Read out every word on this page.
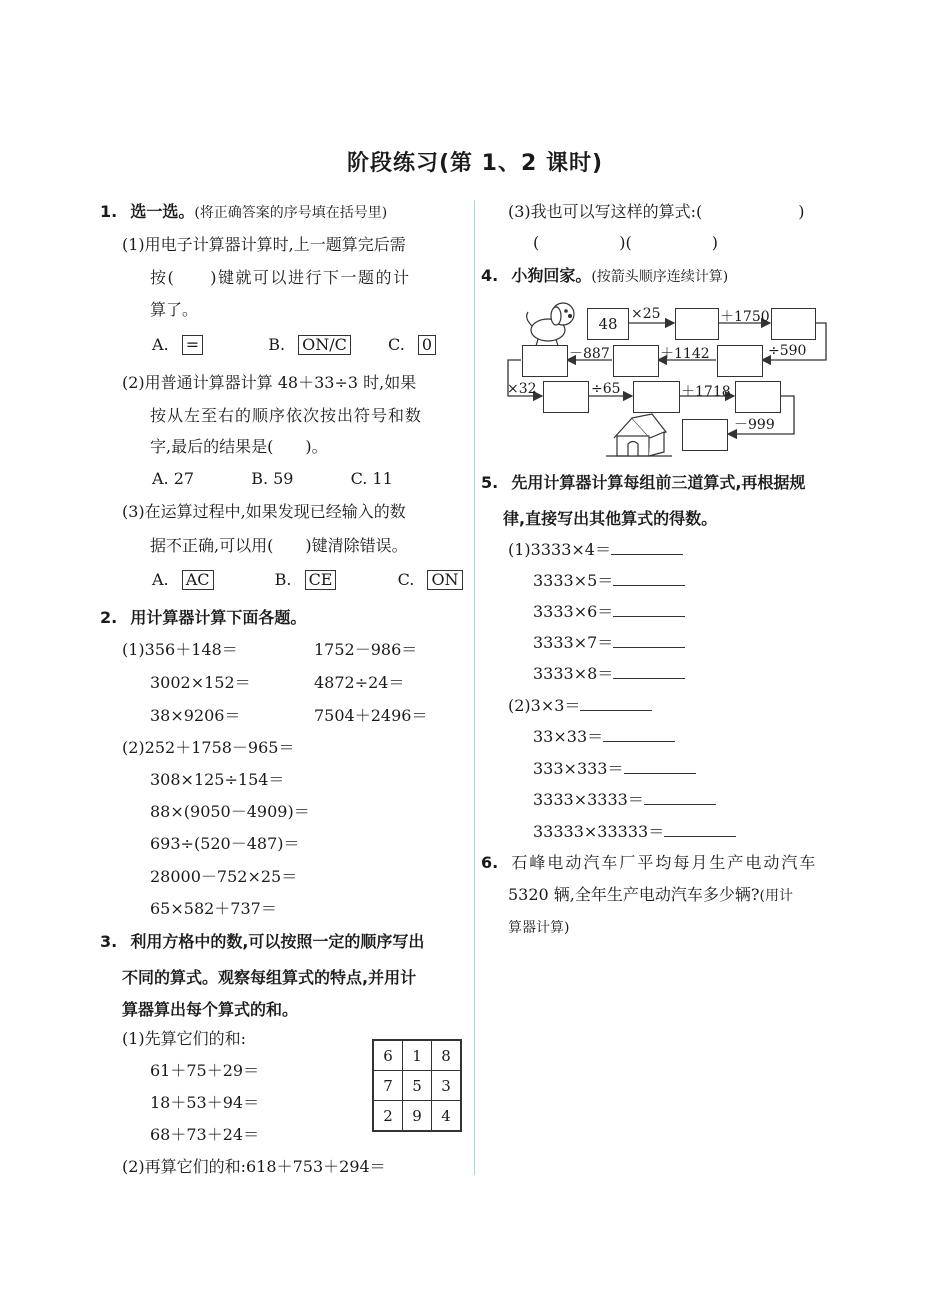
阶段练习(第 1、2 课时)
1. 选一选。(将正确答案的序号填在括号里)
(1)用电子计算器计算时,上一题算完后需
按(　　)键就可以进行下一题的计
算了。
A. =	B. ON/C	C. 0
(2)用普通计算器计算 48＋33÷3 时,如果
按从左至右的顺序依次按出符号和数
字,最后的结果是(　　)。
A. 27	B. 59	C. 11
(3)在运算过程中,如果发现已经输入的数
据不正确,可以用(　　)键清除错误。
A. AC	B. CE	C. ON
2. 用计算器计算下面各题。
(1)356＋148＝	1752－986＝
3002×152＝	4872÷24＝
38×9206＝	7504＋2496＝
(2)252＋1758－965＝
308×125÷154＝
88×(9050－4909)＝
693÷(520－487)＝
28000－752×25＝
65×582＋737＝
3. 利用方格中的数,可以按照一定的顺序写出
不同的算式。观察每组算式的特点,并用计
算器算出每个算式的和。
(1)先算它们的和:
61＋75＋29＝
18＋53＋94＝
68＋73＋24＝
6	1	8
7	5	3
2	9	4
(2)再算它们的和:618＋753＋294＝
(3)我也可以写这样的算式:(　　　　　　)
(　　　　　)(　　　　　)
4. 小狗回家。(按箭头顺序连续计算)
48
×25	＋1750
÷590
＋1142
－887
×32	÷65	＋1718
－999
5. 先用计算器计算每组前三道算式,再根据规
律,直接写出其他算式的得数。
(1)3333×4＝
3333×5＝
3333×6＝
3333×7＝
3333×8＝
(2)3×3＝
33×33＝
333×333＝
3333×3333＝
33333×33333＝
6. 石峰电动汽车厂平均每月生产电动汽车
5320 辆,全年生产电动汽车多少辆?(用计
算器计算)
